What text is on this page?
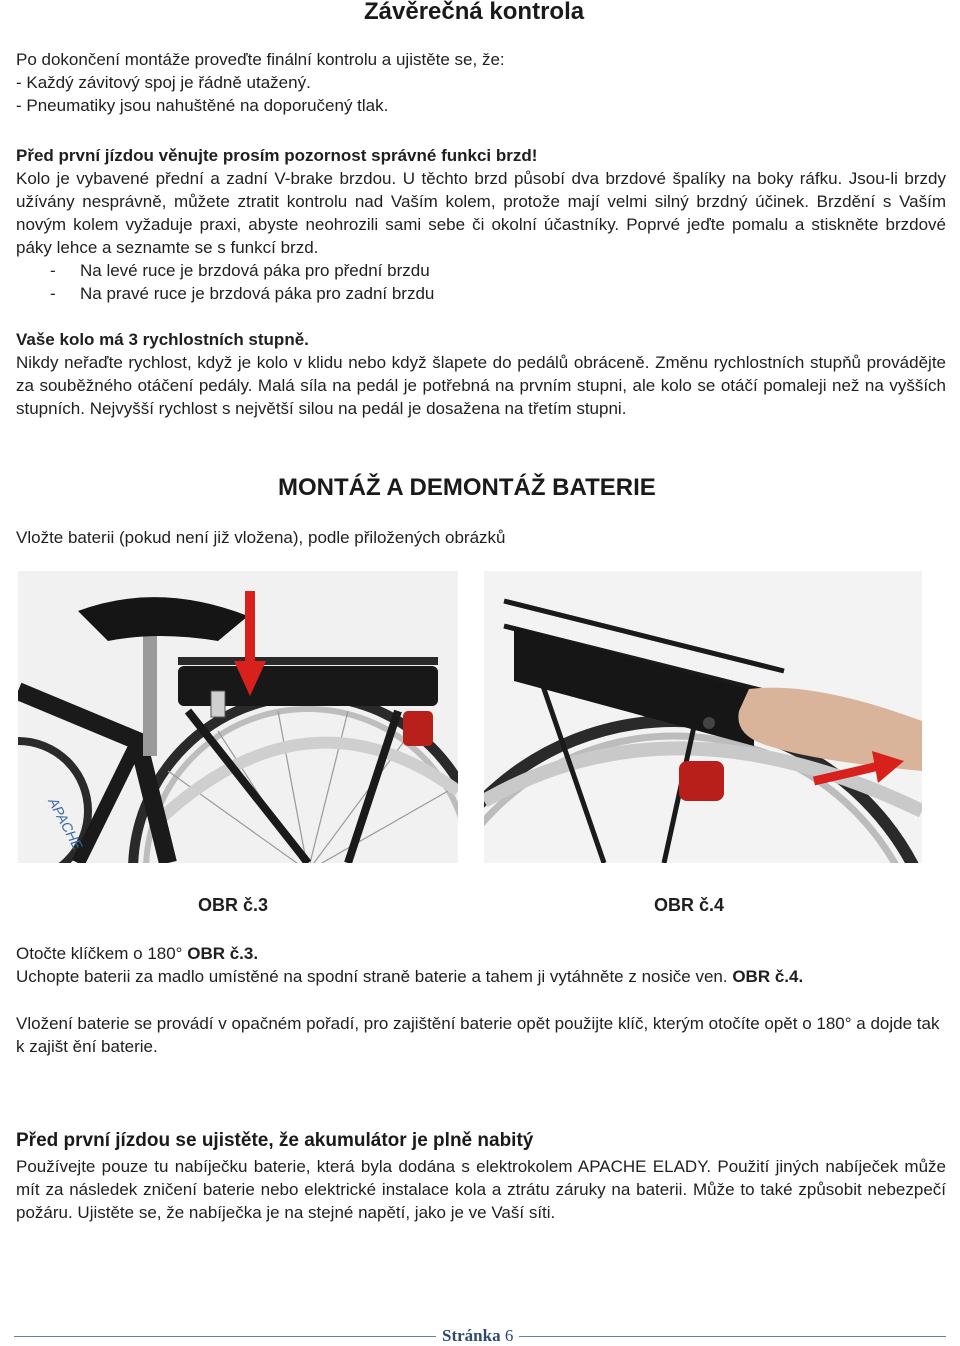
Závěrečná kontrola
Po dokončení montáže proveďte finální kontrolu a ujistěte se, že:
- Každý závitový spoj je řádně utažený.
- Pneumatiky jsou nahuštěné na doporučený tlak.
Před první jízdou věnujte prosím pozornost správné funkci brzd!
Kolo je vybavené přední a zadní V-brake brzdou. U těchto brzd působí dva brzdové špalíky na boky ráfku. Jsou-li brzdy užívány nesprávně, můžete ztratit kontrolu nad Vaším kolem, protože mají velmi silný brzdný účinek. Brzdění s Vaším novým kolem vyžaduje praxi, abyste neohrozili sami sebe či okolní účastníky. Poprvé jeďte pomalu a stiskněte brzdové páky lehce a seznamte se s funkcí brzd.
-	Na levé ruce je brzdová páka pro přední brzdu
-	Na pravé ruce je brzdová páka pro zadní brzdu
Vaše kolo má 3 rychlostních stupně.
Nikdy neřaďte rychlost, když je kolo v klidu nebo když šlapete do pedálů obráceně. Změnu rychlostních stupňů provádějte za souběžného otáčení pedály. Malá síla na pedál je potřebná na prvním stupni, ale kolo se otáčí pomaleji než na vyšších stupních. Nejvyšší rychlost s největší silou na pedál je dosažena na třetím stupni.
MONTÁŽ A DEMONTÁŽ BATERIE
Vložte baterii (pokud není již vložena), podle přiložených obrázků
APACHE
OBR č.3	OBR č.4
Otočte klíčkem o 180° OBR č.3.
Uchopte baterii za madlo umístěné na spodní straně baterie a tahem ji vytáhněte z nosiče ven. OBR č.4.
Vložení baterie se provádí v opačném pořadí, pro zajištění baterie opět použijte klíč, kterým otočíte opět o 180° a dojde tak k zajišt ění baterie.
Před první jízdou se ujistěte, že akumulátor je plně nabitý
Používejte pouze tu nabíječku baterie, která byla dodána s elektrokolem APACHE ELADY. Použití jiných nabíječek může mít za následek zničení baterie nebo elektrické instalace kola a ztrátu záruky na baterii. Může to také způsobit nebezpečí požáru. Ujistěte se, že nabíječka je na stejné napětí, jako je ve Vaší síti.
Stránka 6
